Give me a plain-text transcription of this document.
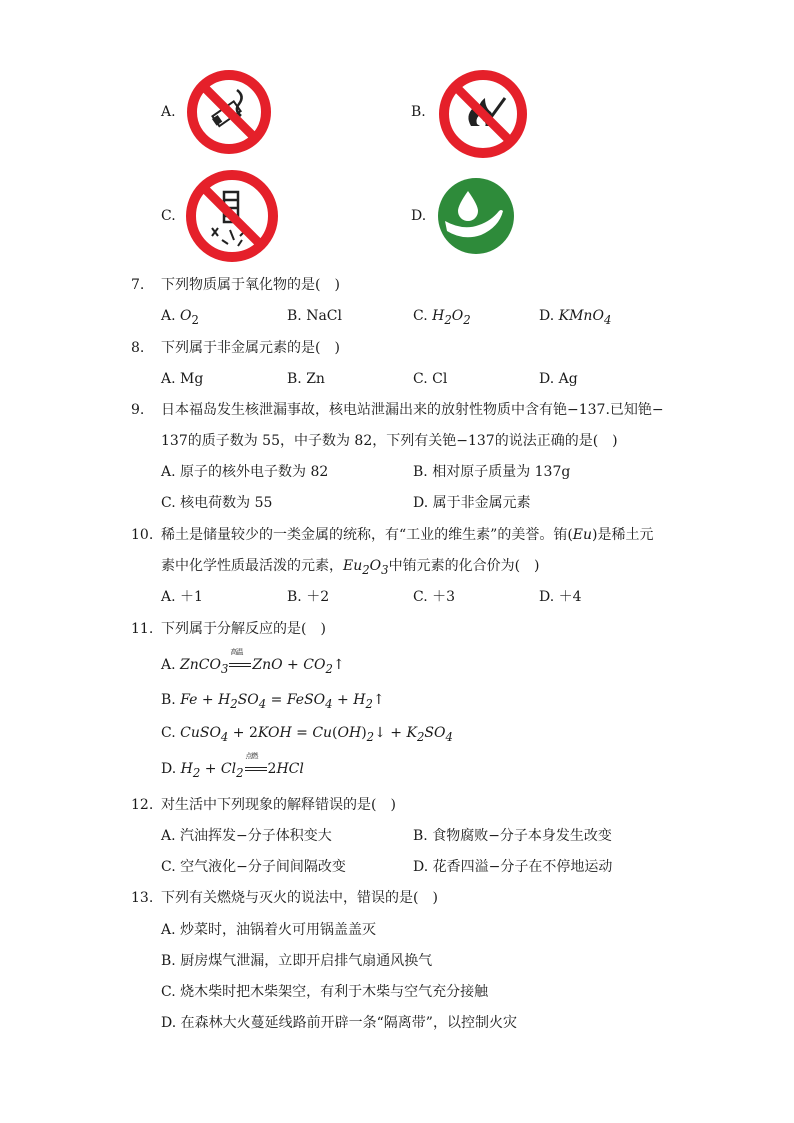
A.	B.
C.	D.
7.	下列物质属于氧化物的是(　)
A. $O_2$	B. NaCl	C. $H_2O_2$	D. KMnO$_4$
8.	下列属于非金属元素的是(　)
A. Mg	B. Zn	C. Cl	D. Ag
9.	日本福岛发生核泄漏事故，核电站泄漏出来的放射性物质中含有铯−137.已知铯−
137的质子数为 55，中子数为 82，下列有关铯−137的说法正确的是(　)
A. 原子的核外电子数为 82	B. 相对原子质量为 137g
C. 核电荷数为 55	D. 属于非金属元素
10. 稀土是储量较少的一类金属的统称，有“工业的维生素”的美誉。铕(Eu)是稀土元
素中化学性质最活泼的元素，$Eu_2O_3$中铕元素的化合价为(　)
A. ＋1	B. ＋2	C. ＋3	D. ＋4
11. 下列属于分解反应的是(　)
A. ZnCO$_3$
高温
ZnO + $CO_2↑$
B. $Fe + H_2SO_4$ = FeSO$_4$ + $H_2↑$
C. CuSO$_4$ + $2KOH = Cu(OH)_2↓ + K_2SO_4$
D. $H_2 + Cl_2$
点燃
2HCl
12. 对生活中下列现象的解释错误的是(　)
A. 汽油挥发−分子体积变大	B. 食物腐败−分子本身发生改变
C. 空气液化−分子间间隔改变	D. 花香四溢−分子在不停地运动
13. 下列有关燃烧与灭火的说法中，错误的是(　)
A. 炒菜时，油锅着火可用锅盖盖灭
B. 厨房煤气泄漏，立即开启排气扇通风换气
C. 烧木柴时把木柴架空，有利于木柴与空气充分接触
D. 在森林大火蔓延线路前开辟一条“隔离带”，以控制火灾
